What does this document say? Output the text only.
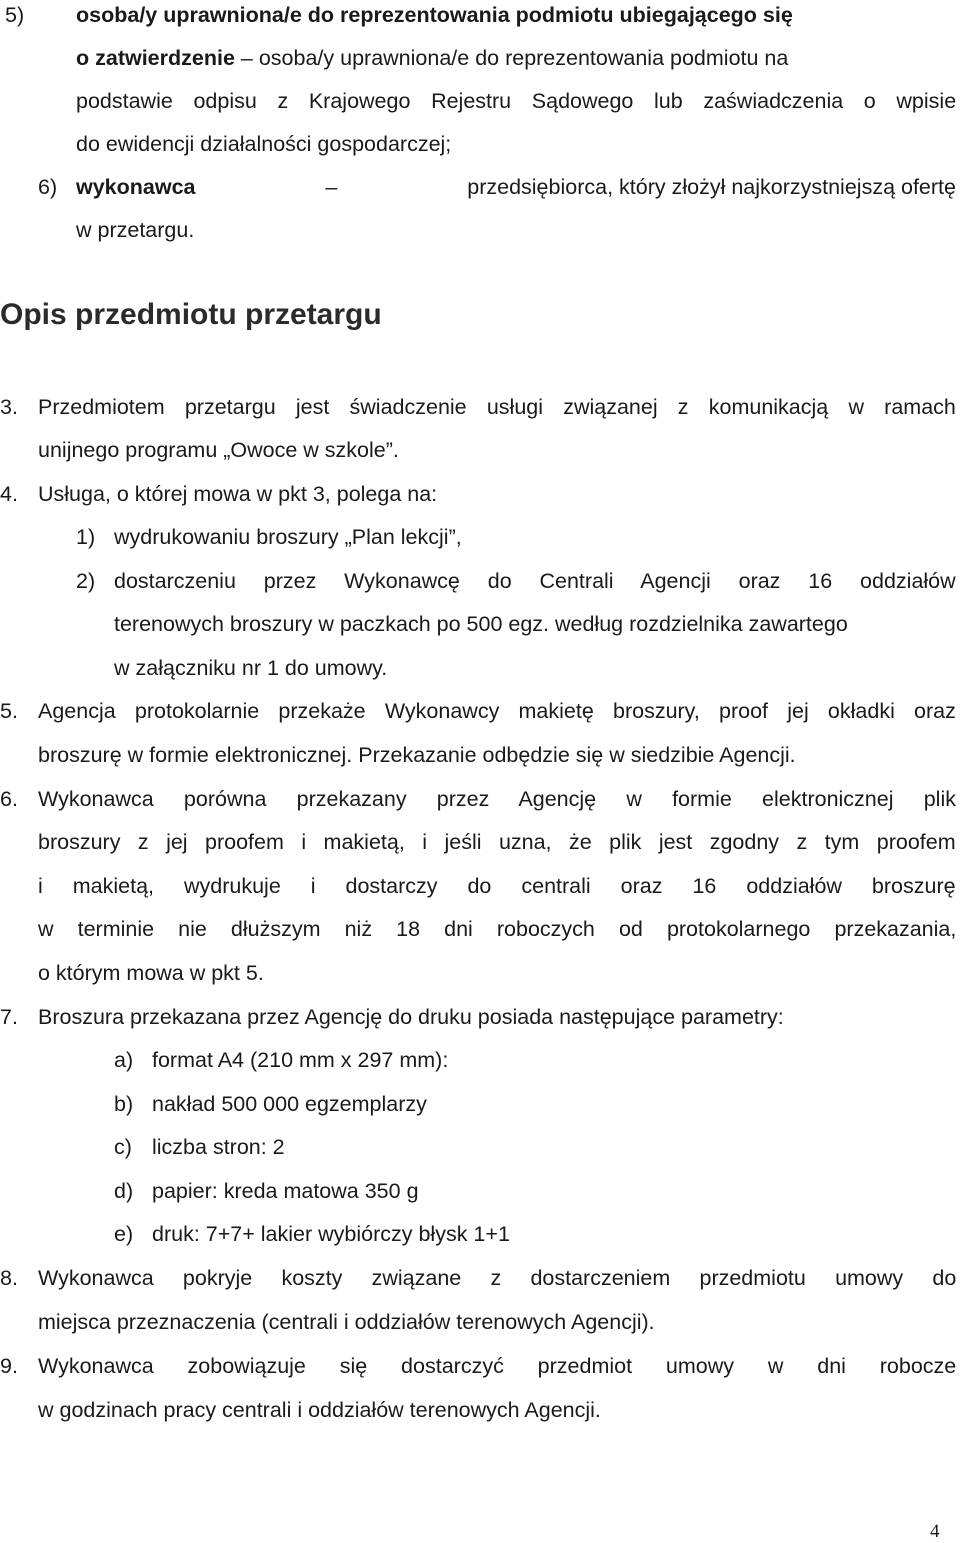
5) osoba/y uprawniona/e do reprezentowania podmiotu ubiegającego się
o zatwierdzenie – osoba/y uprawniona/e do reprezentowania podmiotu na
podstawie odpisu z Krajowego Rejestru Sądowego lub zaświadczenia o wpisie
do ewidencji działalności gospodarczej;
6) wykonawca	–	przedsiębiorca, który złożył najkorzystniejszą ofertę
w przetargu.
Opis przedmiotu przetargu
3. Przedmiotem przetargu jest świadczenie usługi związanej z komunikacją w ramach
unijnego programu „Owoce w szkole”.
4. Usługa, o której mowa w pkt 3, polega na:
1) wydrukowaniu broszury „Plan lekcji”,
2) dostarczeniu przez Wykonawcę do Centrali Agencji oraz 16 oddziałów
terenowych broszury w paczkach po 500 egz. według rozdzielnika zawartego
w załączniku nr 1 do umowy.
5. Agencja protokolarnie przekaże Wykonawcy makietę broszury, proof jej okładki oraz
broszurę w formie elektronicznej. Przekazanie odbędzie się w siedzibie Agencji.
6. Wykonawca porówna przekazany przez Agencję w formie elektronicznej plik
broszury z jej proofem i makietą, i jeśli uzna, że plik jest zgodny z tym proofem
i makietą, wydrukuje i dostarczy do centrali oraz 16 oddziałów broszurę
w terminie nie dłuższym niż 18 dni roboczych od protokolarnego przekazania,
o którym mowa w pkt 5.
7. Broszura przekazana przez Agencję do druku posiada następujące parametry:
a) format A4 (210 mm x 297 mm):
b) nakład 500 000 egzemplarzy
c) liczba stron: 2
d) papier: kreda matowa 350 g
e) druk: 7+7+ lakier wybiórczy błysk 1+1
8. Wykonawca pokryje koszty związane z dostarczeniem przedmiotu umowy do
miejsca przeznaczenia (centrali i oddziałów terenowych Agencji).
9. Wykonawca zobowiązuje się dostarczyć przedmiot umowy w dni robocze
w godzinach pracy centrali i oddziałów terenowych Agencji.
4
